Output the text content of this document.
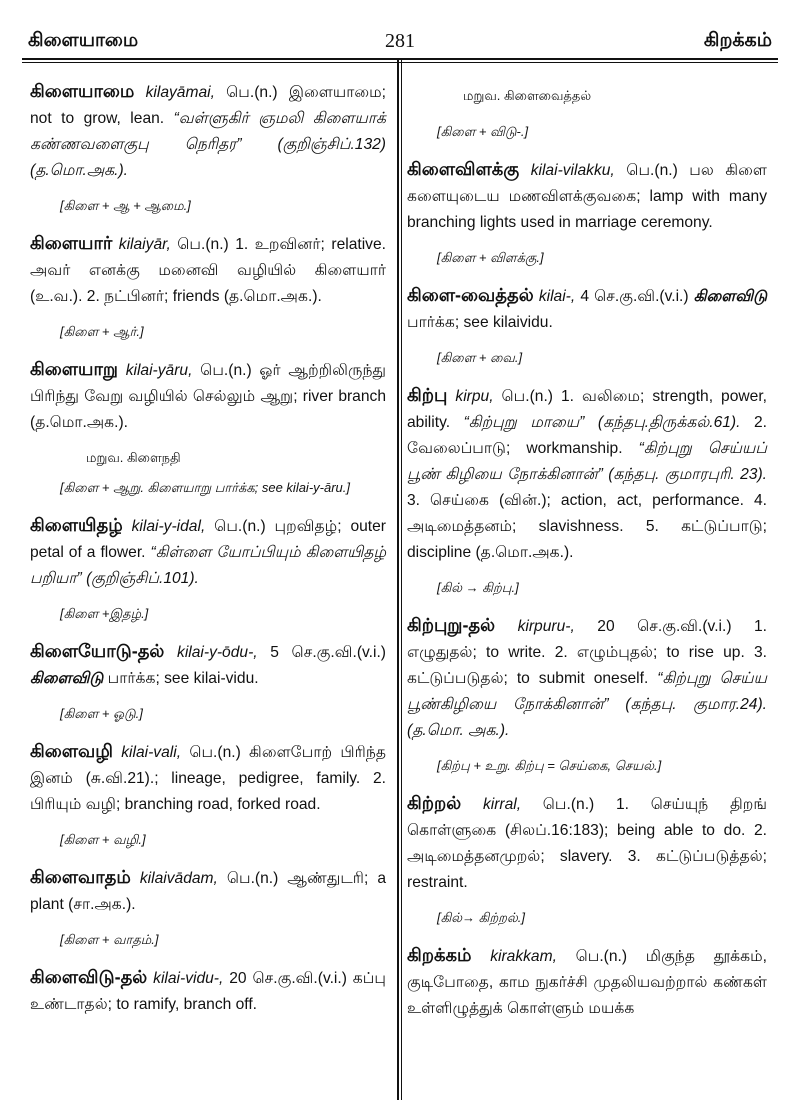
கிளையாமை	281	கிறக்கம்
கிளையாமை kilayāmai, பெ.(n.) இளையாமை; not to grow, lean. “வள்ளுகிர் ஞமலி கிளையாக் கண்ணவளைகுபு நெரிதர” (குறிஞ்சிப்.132) (த.மொ.அக.).
[கிளை + ஆ + ஆமை.]
கிளையார் kilaiyār, பெ.(n.) 1. உறவினர்; relative. அவர் எனக்கு மனைவி வழியில் கிளையார் (உ.வ.). 2. நட்பினர்; friends (த.மொ.அக.).
[கிளை + ஆர்.]
கிளையாறு kilai-yāru, பெ.(n.) ஓர் ஆற்றிலிருந்து பிரிந்து வேறு வழியில் செல்லும் ஆறு; river branch (த.மொ.அக.).
மறுவ. கிளைநதி
[கிளை + ஆறு. கிளையாறு பார்க்க; see kilai-y-āru.]
கிளையிதழ் kilai-y-idal, பெ.(n.) புறவிதழ்; outer petal of a flower. “கிள்ளை யோப்பியும் கிளையிதழ் பறியா” (குறிஞ்சிப்.101).
[கிளை +இதழ்.]
கிளையோடு-தல் kilai-y-ōdu-, 5 செ.கு.வி.(v.i.) கிளைவிடு பார்க்க; see kilai-vidu.
[கிளை + ஓடு.]
கிளைவழி kilai-vali, பெ.(n.) கிளைபோற் பிரிந்த இனம் (சு.வி.21).; lineage, pedigree, family. 2. பிரியும் வழி; branching road, forked road.
[கிளை + வழி.]
கிளைவாதம் kilaivādam, பெ.(n.) ஆண்துடரி; a plant (சா.அக.).
[கிளை + வாதம்.]
கிளைவிடு-தல் kilai-vidu-, 20 செ.கு.வி.(v.i.) கப்பு உண்டாதல்; to ramify, branch off.
மறுவ. கிளைவைத்தல்
[கிளை + விடு-.]
கிளைவிளக்கு kilai-vilakku, பெ.(n.) பல கிளை களையுடைய மணவிளக்குவகை; lamp with many branching lights used in marriage ceremony.
[கிளை + விளக்கு.]
கிளை-வைத்தல் kilai-, 4 செ.கு.வி.(v.i.) கிளைவிடு பார்க்க; see kilaividu.
[கிளை + வை.]
கிற்பு kirpu, பெ.(n.) 1. வலிமை; strength, power, ability. “கிற்புறு மாயை” (கந்தபு.திருக்கல்.61). 2. வேலைப்பாடு; workmanship. “கிற்புறு செய்யப் பூண் கிழியை நோக்கினான்” (கந்தபு. குமாரபுரி. 23). 3. செய்கை (வின்.); action, act, performance. 4. அடிமைத்தனம்; slavishness. 5. கட்டுப்பாடு; discipline (த.மொ.அக.).
[கில் → கிற்பு.]
கிற்புறு-தல் kirpuru-, 20 செ.கு.வி.(v.i.) 1. எழுதுதல்; to write. 2. எழும்புதல்; to rise up. 3. கட்டுப்படுதல்; to submit oneself. “கிற்புறு செய்ய பூண்கிழியை நோக்கினான்” (கந்தபு. குமார.24). (த.மொ. அக.).
[கிற்பு + உறு. கிற்பு = செய்கை, செயல்.]
கிற்றல் kirral, பெ.(n.) 1. செய்யுந் திறங் கொள்ளுகை (சிலப்.16:183); being able to do. 2. அடிமைத்தனமுறல்; slavery. 3. கட்டுப்படுத்தல்; restraint.
[கில்→ கிற்றல்.]
கிறக்கம் kirakkam, பெ.(n.) மிகுந்த தூக்கம், குடிபோதை, காம நுகர்ச்சி முதலியவற்றால் கண்கள் உள்ளிழுத்துக் கொள்ளும் மயக்க
